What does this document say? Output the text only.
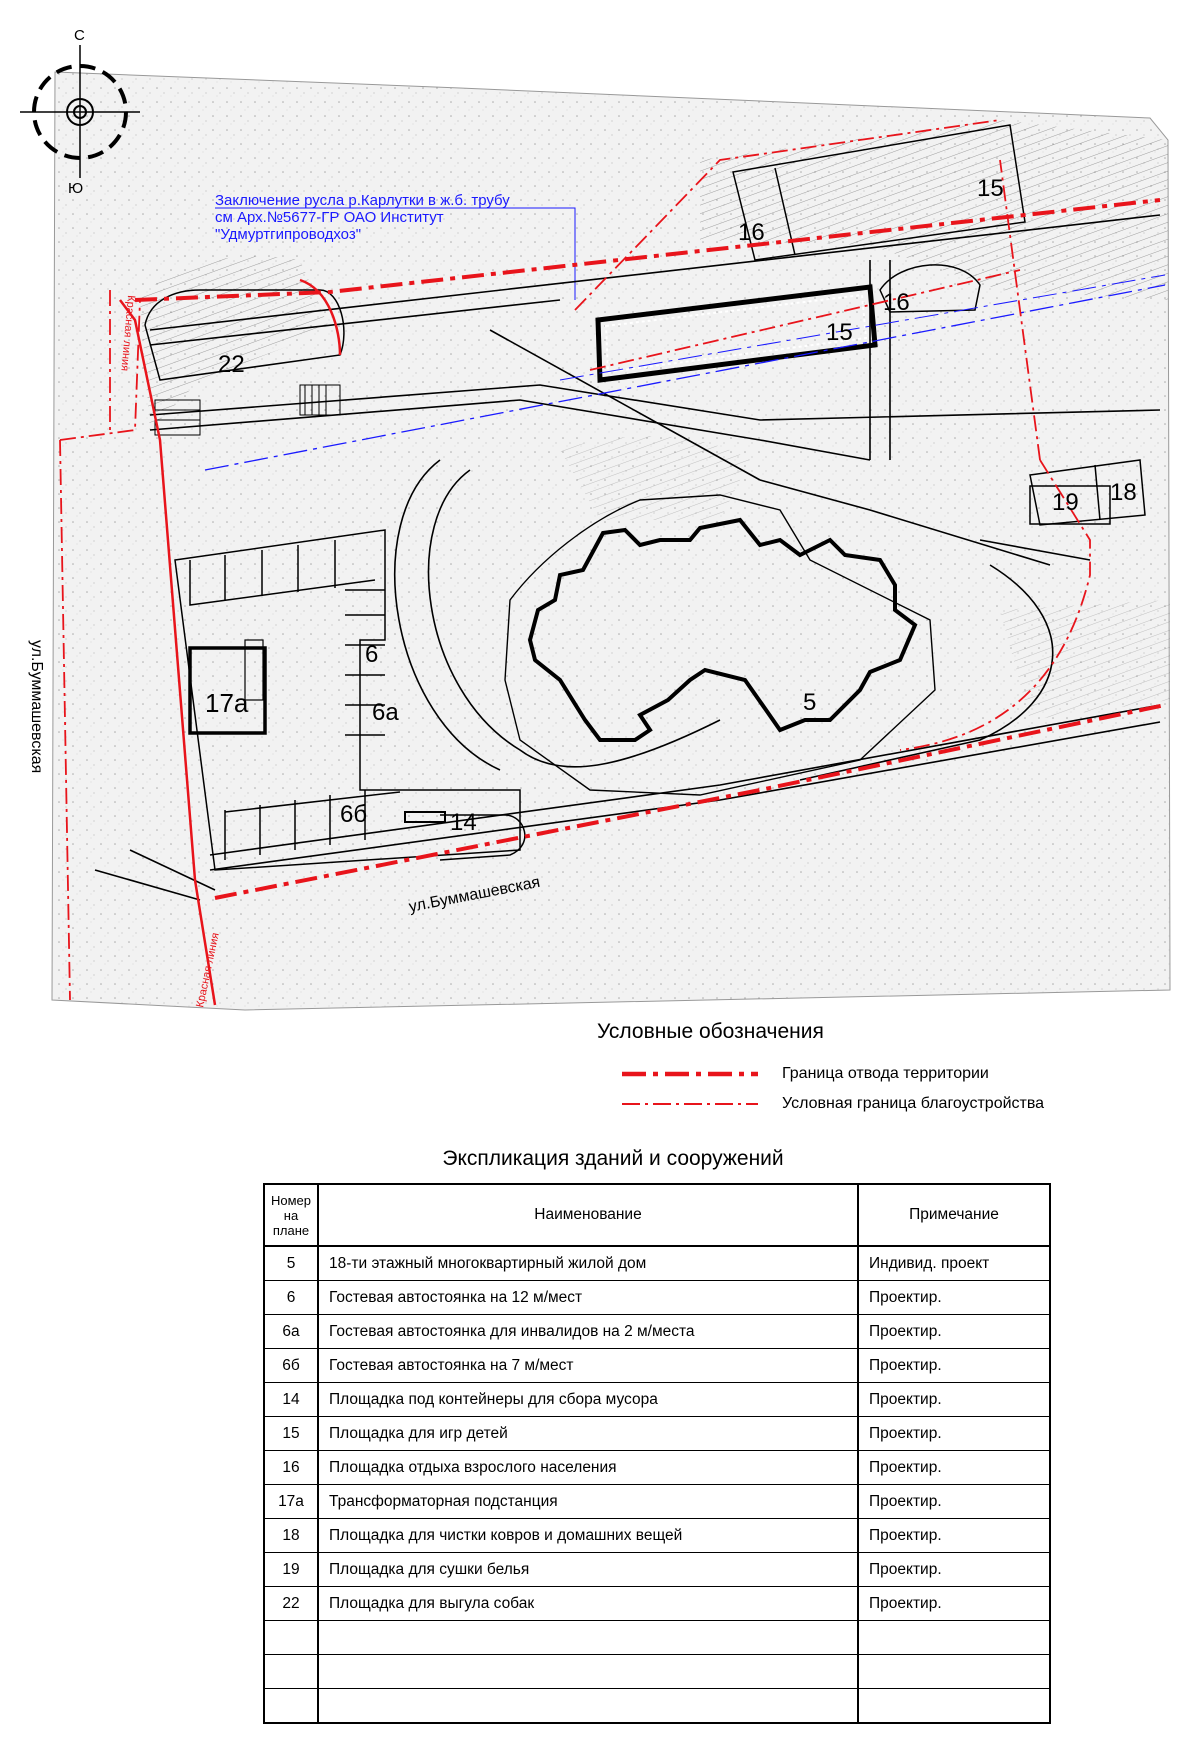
С
Ю
ул.Буммашевская
ул.Буммашевская
Красная линия
Красная линия
5
6
6а
6б	14
15
15
16
16
17а
18
19
22
Заключение русла р.Карлутки в ж.б. трубу
см Арх.№5677-ГР ОАО Институт
"Удмуртгипроводхоз"
Условные обозначения
Граница отвода территории
Условная граница благоустройства
Экспликация зданий и сооружений
Номер на плане	Наименование	Примечание
5	18-ти этажный многоквартирный жилой дом	Индивид. проект
6	Гостевая автостоянка на 12 м/мест	Проектир.
6а	Гостевая автостоянка для инвалидов на 2 м/места	Проектир.
6б	Гостевая автостоянка на 7 м/мест	Проектир.
14	Площадка под контейнеры для сбора мусора	Проектир.
15	Площадка для игр детей	Проектир.
16	Площадка отдыха взрослого населения	Проектир.
17а	Трансформаторная подстанция	Проектир.
18	Площадка для чистки ковров и домашних вещей	Проектир.
19	Площадка для сушки белья	Проектир.
22	Площадка для выгула собак	Проектир.
